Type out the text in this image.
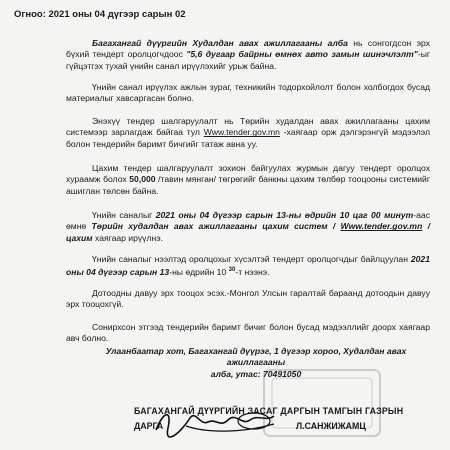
Огноо: 2021 оны 04 дүгээр сарын 02

Багахангай дүүргийн Худалдан авах ажиллагааны алба нь сонгогдсон эрх бүхий тендерт оролцогчдоос "5,6 дугаар байрны өмнөх авто замын шинэчлэлт"-ыг гүйцэтгэх тухай үнийн санал ирүүлэхийг урьж байна.

Үнийн санал ирүүлэх ажлын зураг, техникийн тодорхойлолт болон холбогдох бусад материалыг хавсаргасан болно.

Энэхүү тендер шалгаруулалт нь Төрийн худалдан авах ажиллагааны цахим системээр зарлагдаж байгаа тул Www.tender.gov.mn -хаягаар орж дэлгэрэнгүй мэдээлэл болон тендерийн баримт бичгийг татаж авна уу.

Цахим тендер шалгаруулалт зохион байгуулах журмын дагуу тендерт оролцох хураамж болох 50,000 /тавин мянган/ төгрөгийг банкны цахим төлбөр тооцооны системийг ашиглан төлсөн байна.

Үнийн саналыг 2021 оны 04 дүгээр сарын 13-ны өдрийн 10 цаг 00 минут-аас өмнө Төрийн худалдан авах ажиллагааны цахим систем / Www.tender.gov.mn / цахим хаягаар ирүүлнэ.

Үнийн саналыг нээлтэд оролцохыг хүсэлтэй тендерт оролцогчдыг байлцуулан 2021 оны 04 дүгээр сарын 13-ны өдрийн 10 $^{30}$-т нээнэ.

Дотоодны давуу эрх тооцох эсэх.-Монгол Улсын гаралтай бараанд дотоодын давуу эрх тооцохгүй.

Сонирхсон этгээд тендерийн баримт бичиг болон бусад мэдээллийг доорх хаягаар авч болно.

Улаанбаатар хот, Багахангай дүүрэг, 1 дүгээр хороо, Худалдан авах ажиллагааны
алба, утас: 70491050
БАГАХАНГАЙ ДҮҮРГИЙН ЗАСАГ ДАРГЫН ТАМГЫН ГАЗРЫН
ДАРГА	Л.САНЖИЖАМЦ
